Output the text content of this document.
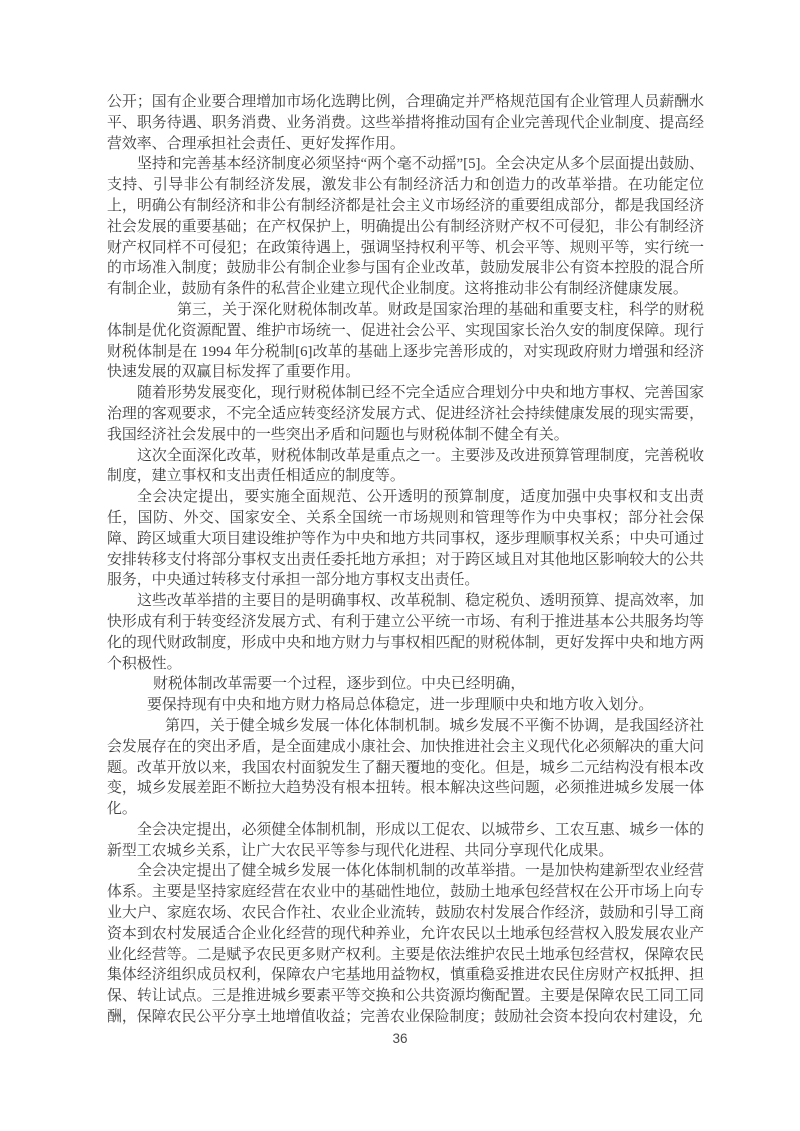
公开；国有企业要合理增加市场化选聘比例，合理确定并严格规范国有企业管理人员薪酬水平、职务待遇、职务消费、业务消费。这些举措将推动国有企业完善现代企业制度、提高经营效率、合理承担社会责任、更好发挥作用。

坚持和完善基本经济制度必须坚持“两个毫不动摇”[5]。全会决定从多个层面提出鼓励、支持、引导非公有制经济发展，激发非公有制经济活力和创造力的改革举措。在功能定位上，明确公有制经济和非公有制经济都是社会主义市场经济的重要组成部分，都是我国经济社会发展的重要基础；在产权保护上，明确提出公有制经济财产权不可侵犯，非公有制经济财产权同样不可侵犯；在政策待遇上，强调坚持权利平等、机会平等、规则平等，实行统一的市场准入制度；鼓励非公有制企业参与国有企业改革，鼓励发展非公有资本控股的混合所有制企业，鼓励有条件的私营企业建立现代企业制度。这将推动非公有制经济健康发展。

第三，关于深化财税体制改革。财政是国家治理的基础和重要支柱，科学的财税体制是优化资源配置、维护市场统一、促进社会公平、实现国家长治久安的制度保障。现行财税体制是在 1994 年分税制[6]改革的基础上逐步完善形成的，对实现政府财力增强和经济快速发展的双赢目标发挥了重要作用。

随着形势发展变化，现行财税体制已经不完全适应合理划分中央和地方事权、完善国家治理的客观要求，不完全适应转变经济发展方式、促进经济社会持续健康发展的现实需要，我国经济社会发展中的一些突出矛盾和问题也与财税体制不健全有关。

这次全面深化改革，财税体制改革是重点之一。主要涉及改进预算管理制度，完善税收制度，建立事权和支出责任相适应的制度等。

全会决定提出，要实施全面规范、公开透明的预算制度，适度加强中央事权和支出责任，国防、外交、国家安全、关系全国统一市场规则和管理等作为中央事权；部分社会保障、跨区域重大项目建设维护等作为中央和地方共同事权，逐步理顺事权关系；中央可通过安排转移支付将部分事权支出责任委托地方承担；对于跨区域且对其他地区影响较大的公共服务，中央通过转移支付承担一部分地方事权支出责任。

这些改革举措的主要目的是明确事权、改革税制、稳定税负、透明预算、提高效率，加快形成有利于转变经济发展方式、有利于建立公平统一市场、有利于推进基本公共服务均等化的现代财政制度，形成中央和地方财力与事权相匹配的财税体制，更好发挥中央和地方两个积极性。

财税体制改革需要一个过程，逐步到位。中央已经明确，

要保持现有中央和地方财力格局总体稳定，进一步理顺中央和地方收入划分。

第四，关于健全城乡发展一体化体制机制。城乡发展不平衡不协调，是我国经济社会发展存在的突出矛盾，是全面建成小康社会、加快推进社会主义现代化必须解决的重大问题。改革开放以来，我国农村面貌发生了翻天覆地的变化。但是，城乡二元结构没有根本改变，城乡发展差距不断拉大趋势没有根本扭转。根本解决这些问题，必须推进城乡发展一体化。

全会决定提出，必须健全体制机制，形成以工促农、以城带乡、工农互惠、城乡一体的新型工农城乡关系，让广大农民平等参与现代化进程、共同分享现代化成果。

全会决定提出了健全城乡发展一体化体制机制的改革举措。一是加快构建新型农业经营体系。主要是坚持家庭经营在农业中的基础性地位，鼓励土地承包经营权在公开市场上向专业大户、家庭农场、农民合作社、农业企业流转，鼓励农村发展合作经济，鼓励和引导工商资本到农村发展适合企业化经营的现代种养业，允许农民以土地承包经营权入股发展农业产业化经营等。二是赋予农民更多财产权利。主要是依法维护农民土地承包经营权，保障农民集体经济组织成员权利，保障农户宅基地用益物权，慎重稳妥推进农民住房财产权抵押、担保、转让试点。三是推进城乡要素平等交换和公共资源均衡配置。主要是保障农民工同工同酬，保障农民公平分享土地增值收益；完善农业保险制度；鼓励社会资本投向农村建设，允

36
